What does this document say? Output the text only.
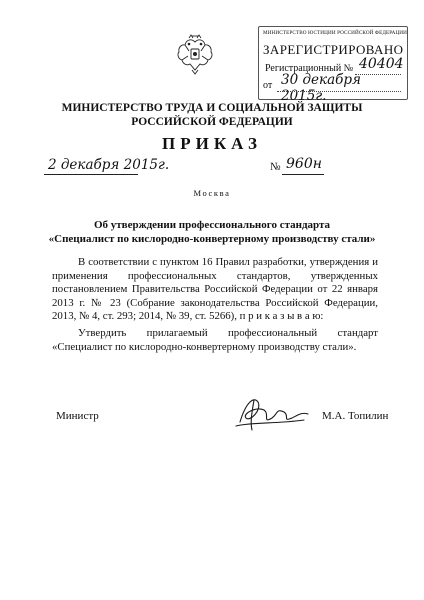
МИНИСТЕРСТВО ЮСТИЦИИ РОССИЙСКОЙ ФЕДЕРАЦИИ
ЗАРЕГИСТРИРОВАНО
Регистрационный № 40404
от 30 декабря 2015г.
МИНИСТЕРСТВО ТРУДА И СОЦИАЛЬНОЙ ЗАЩИТЫ
РОССИЙСКОЙ ФЕДЕРАЦИИ
ПРИКАЗ
2 декабря 2015г.	№ 960н
Москва
Об утверждении профессионального стандарта
«Специалист по кислородно-конвертерному производству стали»
В соответствии с пунктом 16 Правил разработки, утверждения и применения профессиональных стандартов, утвержденных постановлением Правительства Российской Федерации от 22 января 2013 г. № 23 (Собрание законодательства Российской Федерации, 2013, № 4, ст. 293; 2014, № 39, ст. 5266), п р и к а з ы в а ю:
Утвердить прилагаемый профессиональный стандарт «Специалист по кислородно-конвертерному производству стали».
Министр	М.А. Топилин
